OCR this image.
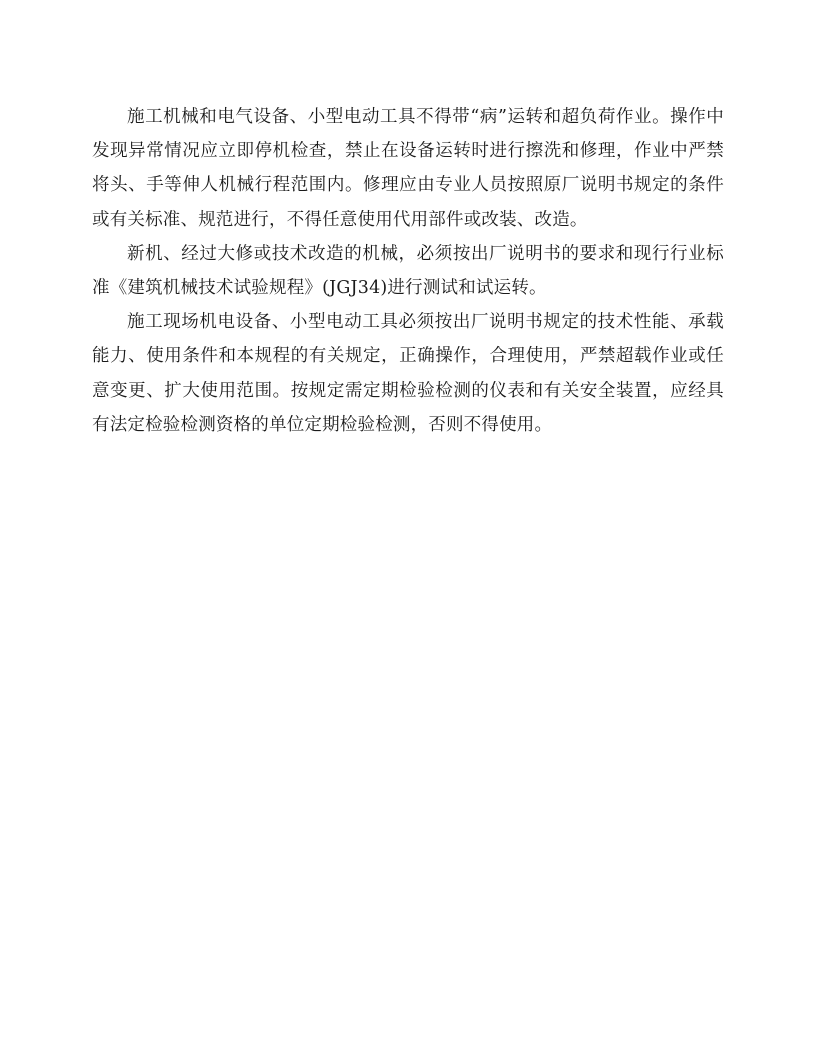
施工机械和电气设备、小型电动工具不得带“病”运转和超负荷作业。操作中发现异常情况应立即停机检查，禁止在设备运转时进行擦洗和修理，作业中严禁将头、手等伸人机械行程范围内。修理应由专业人员按照原厂说明书规定的条件或有关标准、规范进行，不得任意使用代用部件或改装、改造。

新机、经过大修或技术改造的机械，必须按出厂说明书的要求和现行行业标准《建筑机械技术试验规程》(JGJ34)进行测试和试运转。

施工现场机电设备、小型电动工具必须按出厂说明书规定的技术性能、承载能力、使用条件和本规程的有关规定，正确操作，合理使用，严禁超载作业或任意变更、扩大使用范围。按规定需定期检验检测的仪表和有关安全装置，应经具有法定检验检测资格的单位定期检验检测，否则不得使用。
